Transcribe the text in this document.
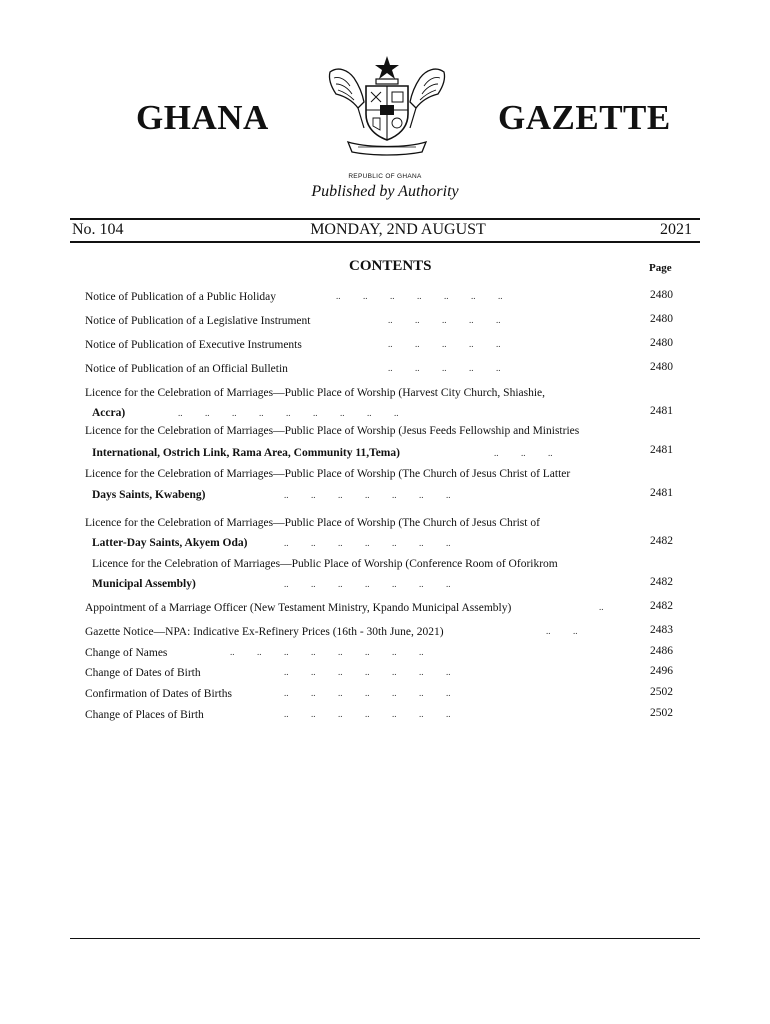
GHANA	GAZETTE
REPUBLIC OF GHANA
Published by Authority
No. 104	MONDAY, 2ND AUGUST	2021
CONTENTS	Page
Notice of Publication of a Public Holiday	..          ..          ..          ..          ..          ..          ..	2480
Notice of Publication of a Legislative Instrument	..          ..          ..          ..          ..	2480
Notice of Publication of Executive Instruments	..          ..          ..          ..          ..	2480
Notice of Publication of an Official Bulletin	..          ..          ..          ..          ..	2480
Licence for the Celebration of Marriages—Public Place of Worship (Harvest City Church, Shiashie,
Accra)	..          ..          ..          ..          ..          ..          ..          ..          ..	2481
Licence for the Celebration of Marriages—Public Place of Worship (Jesus Feeds Fellowship and Ministries
International, Ostrich Link, Rama Area, Community 11,Tema)	..          ..          ..	2481
Licence for the Celebration of Marriages—Public Place of Worship (The Church of Jesus Christ of Latter
Days Saints, Kwabeng)	..          ..          ..          ..          ..          ..          ..	2481
Licence for the Celebration of Marriages—Public Place of Worship (The Church of Jesus Christ of
Latter-Day Saints, Akyem Oda)	..          ..          ..          ..          ..          ..          ..	2482
Licence for the Celebration of Marriages—Public Place of Worship (Conference Room of Oforikrom
Municipal Assembly)	..          ..          ..          ..          ..          ..          ..	2482
Appointment of a Marriage Officer (New Testament Ministry, Kpando Municipal Assembly)	..	2482
Gazette Notice—NPA: Indicative Ex-Refinery Prices (16th - 30th June, 2021)	..          ..	2483
Change of Names	..          ..          ..          ..          ..          ..          ..          ..	2486
Change of Dates of Birth	..          ..          ..          ..          ..          ..          ..	2496
Confirmation of Dates of Births	..          ..          ..          ..          ..          ..          ..	2502
Change of Places of Birth	..          ..          ..          ..          ..          ..          ..	2502
